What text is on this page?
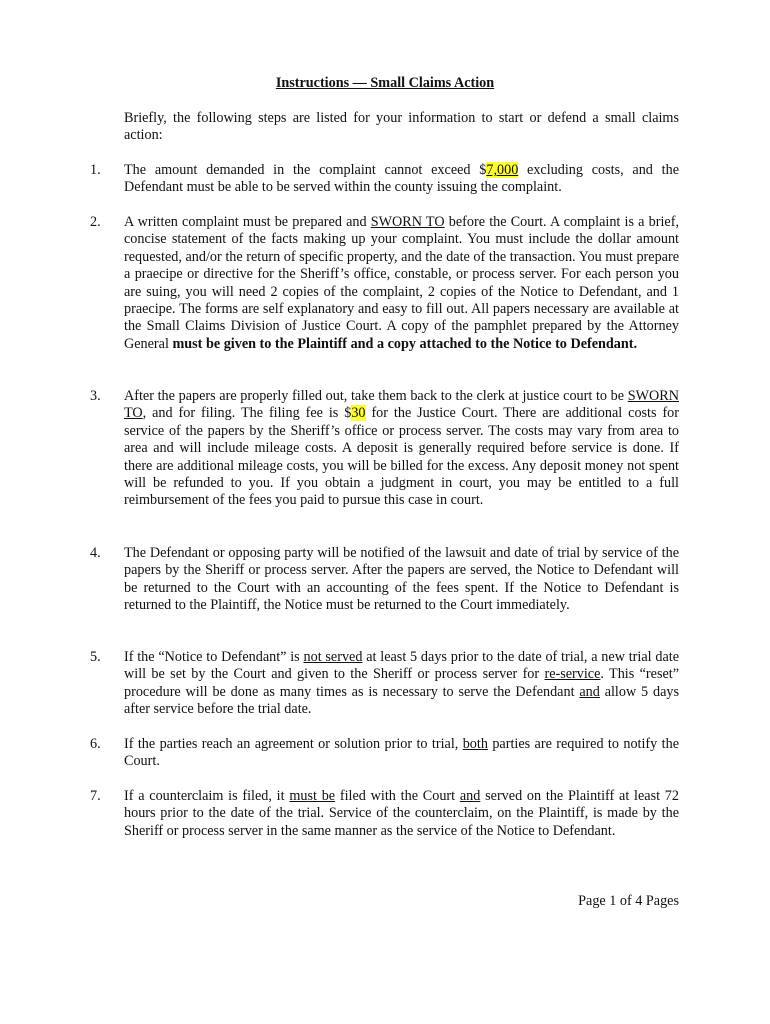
Instructions — Small Claims Action
Briefly, the following steps are listed for your information to start or defend a small claims action:
1. The amount demanded in the complaint cannot exceed $7,000 excluding costs, and the Defendant must be able to be served within the county issuing the complaint.
2. A written complaint must be prepared and SWORN TO before the Court. A complaint is a brief, concise statement of the facts making up your complaint. You must include the dollar amount requested, and/or the return of specific property, and the date of the transaction. You must prepare a praecipe or directive for the Sheriff’s office, constable, or process server. For each person you are suing, you will need 2 copies of the complaint, 2 copies of the Notice to Defendant, and 1 praecipe. The forms are self explanatory and easy to fill out. All papers necessary are available at the Small Claims Division of Justice Court. A copy of the pamphlet prepared by the Attorney General must be given to the Plaintiff and a copy attached to the Notice to Defendant.
3. After the papers are properly filled out, take them back to the clerk at justice court to be SWORN TO, and for filing. The filing fee is $30 for the Justice Court. There are additional costs for service of the papers by the Sheriff’s office or process server. The costs may vary from area to area and will include mileage costs. A deposit is generally required before service is done. If there are additional mileage costs, you will be billed for the excess. Any deposit money not spent will be refunded to you. If you obtain a judgment in court, you may be entitled to a full reimbursement of the fees you paid to pursue this case in court.
4. The Defendant or opposing party will be notified of the lawsuit and date of trial by service of the papers by the Sheriff or process server. After the papers are served, the Notice to Defendant will be returned to the Court with an accounting of the fees spent. If the Notice to Defendant is returned to the Plaintiff, the Notice must be returned to the Court immediately.
5. If the “Notice to Defendant” is not served at least 5 days prior to the date of trial, a new trial date will be set by the Court and given to the Sheriff or process server for re-service. This “reset” procedure will be done as many times as is necessary to serve the Defendant and allow 5 days after service before the trial date.
6. If the parties reach an agreement or solution prior to trial, both parties are required to notify the Court.
7. If a counterclaim is filed, it must be filed with the Court and served on the Plaintiff at least 72 hours prior to the date of the trial. Service of the counterclaim, on the Plaintiff, is made by the Sheriff or process server in the same manner as the service of the Notice to Defendant.
Page 1 of 4 Pages
